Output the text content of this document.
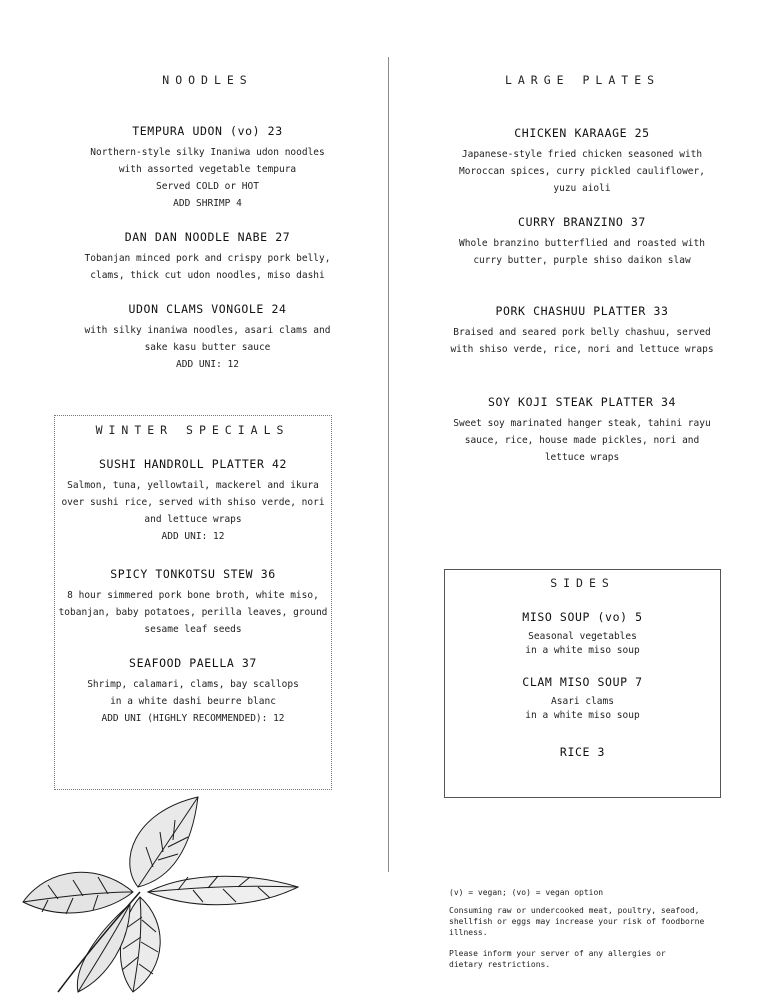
NOODLES
TEMPURA UDON (vo) 23
Northern-style silky Inaniwa udon noodles
with assorted vegetable tempura
Served COLD or HOT
ADD SHRIMP 4
DAN DAN NOODLE NABE 27
Tobanjan minced pork and crispy pork belly,
clams, thick cut udon noodles, miso dashi
UDON CLAMS VONGOLE 24
with silky inaniwa noodles, asari clams and
sake kasu butter sauce
ADD UNI: 12
WINTER SPECIALS
SUSHI HANDROLL PLATTER 42
Salmon, tuna, yellowtail, mackerel and ikura
over sushi rice, served with shiso verde, nori
and lettuce wraps
ADD UNI: 12
SPICY TONKOTSU STEW 36
8 hour simmered pork bone broth, white miso,
tobanjan, baby potatoes, perilla leaves, ground
sesame leaf seeds
SEAFOOD PAELLA 37
Shrimp, calamari, clams, bay scallops
in a white dashi beurre blanc
ADD UNI (HIGHLY RECOMMENDED): 12
LARGE PLATES
CHICKEN KARAAGE 25
Japanese-style fried chicken seasoned with
Moroccan spices, curry pickled cauliflower,
yuzu aioli
CURRY BRANZINO 37
Whole branzino butterflied and roasted with
curry butter, purple shiso daikon slaw
PORK CHASHUU PLATTER 33
Braised and seared pork belly chashuu, served
with shiso verde, rice, nori and lettuce wraps
SOY KOJI STEAK PLATTER 34
Sweet soy marinated hanger steak, tahini rayu
sauce, rice, house made pickles, nori and
lettuce wraps
SIDES
MISO SOUP (vo) 5
Seasonal vegetables
in a white miso soup
CLAM MISO SOUP 7
Asari clams
in a white miso soup
RICE 3
(v) = vegan; (vo) = vegan option
Consuming raw or undercooked meat, poultry, seafood,
shellfish or eggs may increase your risk of foodborne
illness.
Please inform your server of any allergies or
dietary restrictions.
